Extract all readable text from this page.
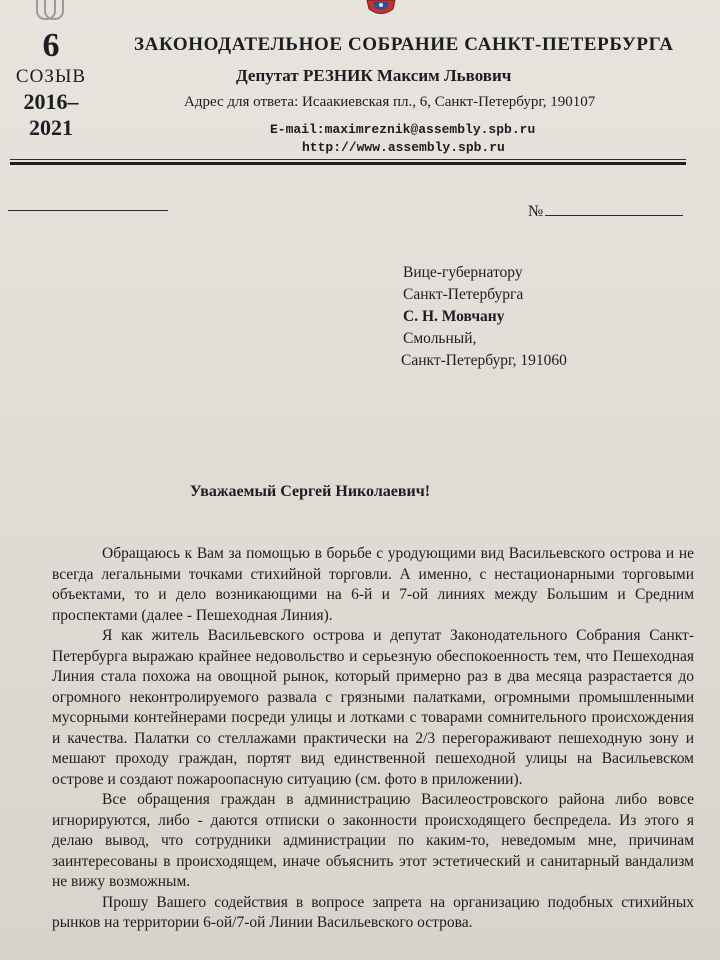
6
СОЗЫВ
2016–
2021
ЗАКОНОДАТЕЛЬНОЕ СОБРАНИЕ САНКТ-ПЕТЕРБУРГА
Депутат РЕЗНИК Максим Львович
Адрес для ответа: Исаакиевская пл., 6, Санкт-Петербург, 190107
E-mail:maximreznik@assembly.spb.ru
http://www.assembly.spb.ru
№
Вице-губернатору
Санкт-Петербурга
С. Н. Мовчану
Смольный,
Санкт-Петербург, 191060
Уважаемый Сергей Николаевич!

Обращаюсь к Вам за помощью в борьбе с уродующими вид Васильевского острова и не всегда легальными точками стихийной торговли. А именно, с нестационарными торговыми объектами, то и дело возникающими на 6-й и 7-ой линиях между Большим и Средним проспектами (далее - Пешеходная Линия).

Я как житель Васильевского острова и депутат Законодательного Собрания Санкт-Петербурга выражаю крайнее недовольство и серьезную обеспокоенность тем, что Пешеходная Линия стала похожа на овощной рынок, который примерно раз в два месяца разрастается до огромного неконтролируемого развала с грязными палатками, огромными промышленными мусорными контейнерами посреди улицы и лотками с товарами сомнительного происхождения и качества. Палатки со стеллажами практически на 2/3 перегораживают пешеходную зону и мешают проходу граждан, портят вид единственной пешеходной улицы на Васильевском острове и создают пожароопасную ситуацию (см. фото в приложении).

Все обращения граждан в администрацию Василеостровского района либо вовсе игнорируются, либо - даются отписки о законности происходящего беспредела. Из этого я делаю вывод, что сотрудники администрации по каким-то, неведомым мне, причинам заинтересованы в происходящем, иначе объяснить этот эстетический и санитарный вандализм не вижу возможным.

Прошу Вашего содействия в вопросе запрета на организацию подобных стихийных рынков на территории 6-ой/7-ой Линии Васильевского острова.
